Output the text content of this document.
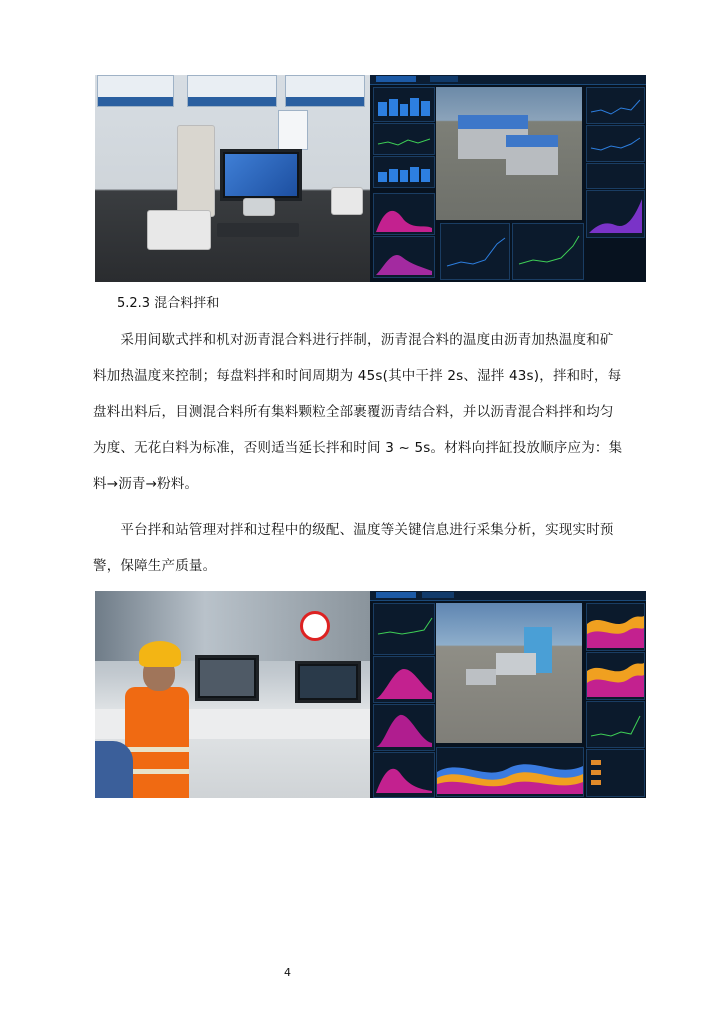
5.2.3 混合料拌和
　　采用间歇式拌和机对沥青混合料进行拌制，沥青混合料的温度由沥青加热温度和矿
料加热温度来控制；每盘料拌和时间周期为 45s(其中干拌 2s、湿拌 43s)，拌和时，每
盘料出料后，目测混合料所有集料颗粒全部裹覆沥青结合料，并以沥青混合料拌和均匀
为度、无花白料为标准，否则适当延长拌和时间 3 ~ 5s。材料向拌缸投放顺序应为：集
料→沥青→粉料。
　　平台拌和站管理对拌和过程中的级配、温度等关键信息进行采集分析，实现实时预
警，保障生产质量。
4
